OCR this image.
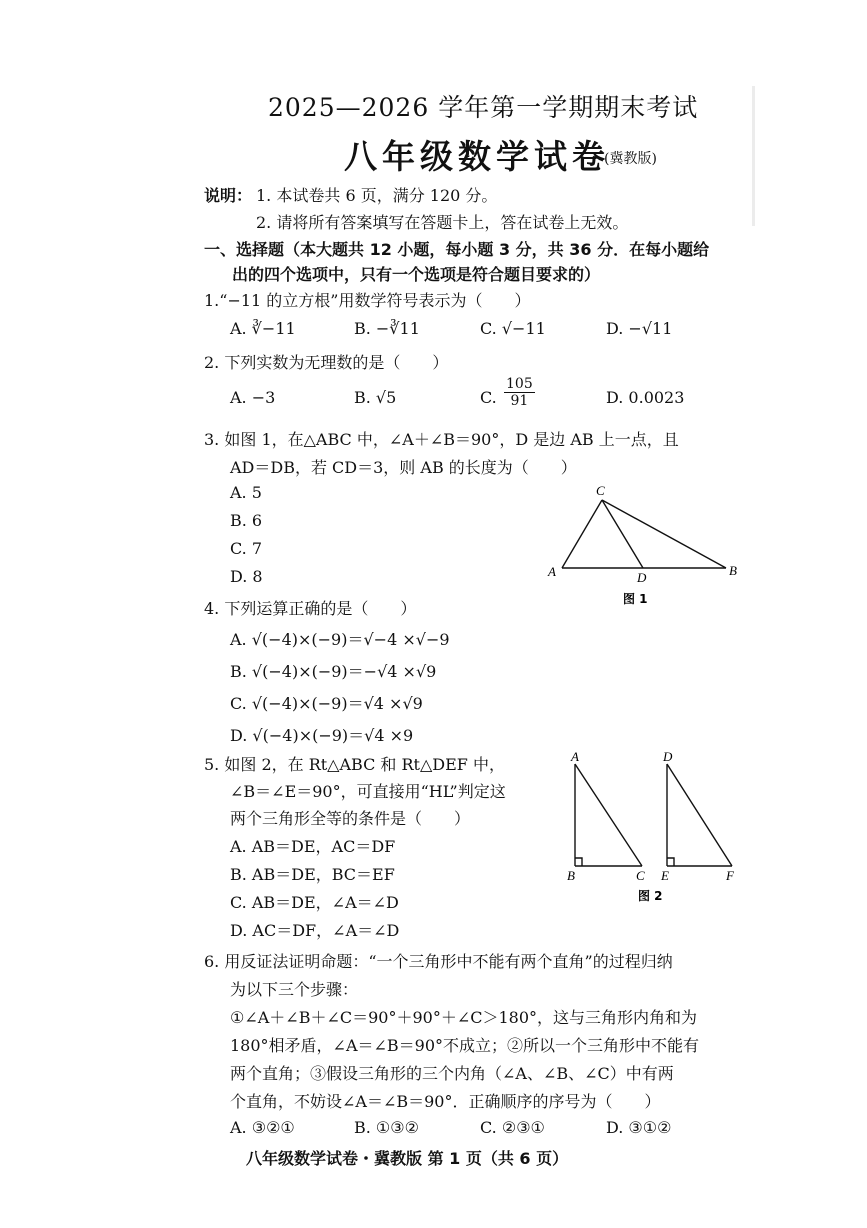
2025—2026 学年第一学期期末考试
八年级数学试卷
(冀教版)
说明： 1. 本试卷共 6 页，满分 120 分。
2. 请将所有答案填写在答题卡上，答在试卷上无效。
一、选择题（本大题共 12 小题，每小题 3 分，共 36 分．在每小题给
出的四个选项中，只有一个选项是符合题目要求的）
1.“−11 的立方根”用数学符号表示为（　　）
A. ∛−11	B. −∛11	C. √−11	D. −√11
2. 下列实数为无理数的是（　　）
A. −3	B. √5	C. $\frac{105}{91}$	D. 0.0023
3. 如图 1，在△ABC 中，∠A＋∠B＝90°，D 是边 AB 上一点，且
AD＝DB，若 CD＝3，则 AB 的长度为（　　）
A. 5
B. 6
C. 7
D. 8
C
A	D	B
图 1
4. 下列运算正确的是（　　）
A. √(−4)×(−9)＝√−4 ×√−9
B. √(−4)×(−9)＝−√4 ×√9
C. √(−4)×(−9)＝√4 ×√9
D. √(−4)×(−9)＝√4 ×9
5. 如图 2，在 Rt△ABC 和 Rt△DEF 中，
∠B＝∠E＝90°，可直接用“HL”判定这
两个三角形全等的条件是（　　）
A. AB＝DE，AC＝DF
B. AB＝DE，BC＝EF
C. AB＝DE，∠A＝∠D
D. AC＝DF，∠A＝∠D
A
B	C
D
E	F
图 2
6. 用反证法证明命题：“一个三角形中不能有两个直角”的过程归纳
为以下三个步骤：
①∠A＋∠B＋∠C＝90°＋90°＋∠C＞180°，这与三角形内角和为
180°相矛盾，∠A＝∠B＝90°不成立；②所以一个三角形中不能有
两个直角；③假设三角形的三个内角（∠A、∠B、∠C）中有两
个直角，不妨设∠A＝∠B＝90°．正确顺序的序号为（　　）
A. ③②①	B. ①③②	C. ②③①	D. ③①②
八年级数学试卷・冀教版 第 1 页（共 6 页）
